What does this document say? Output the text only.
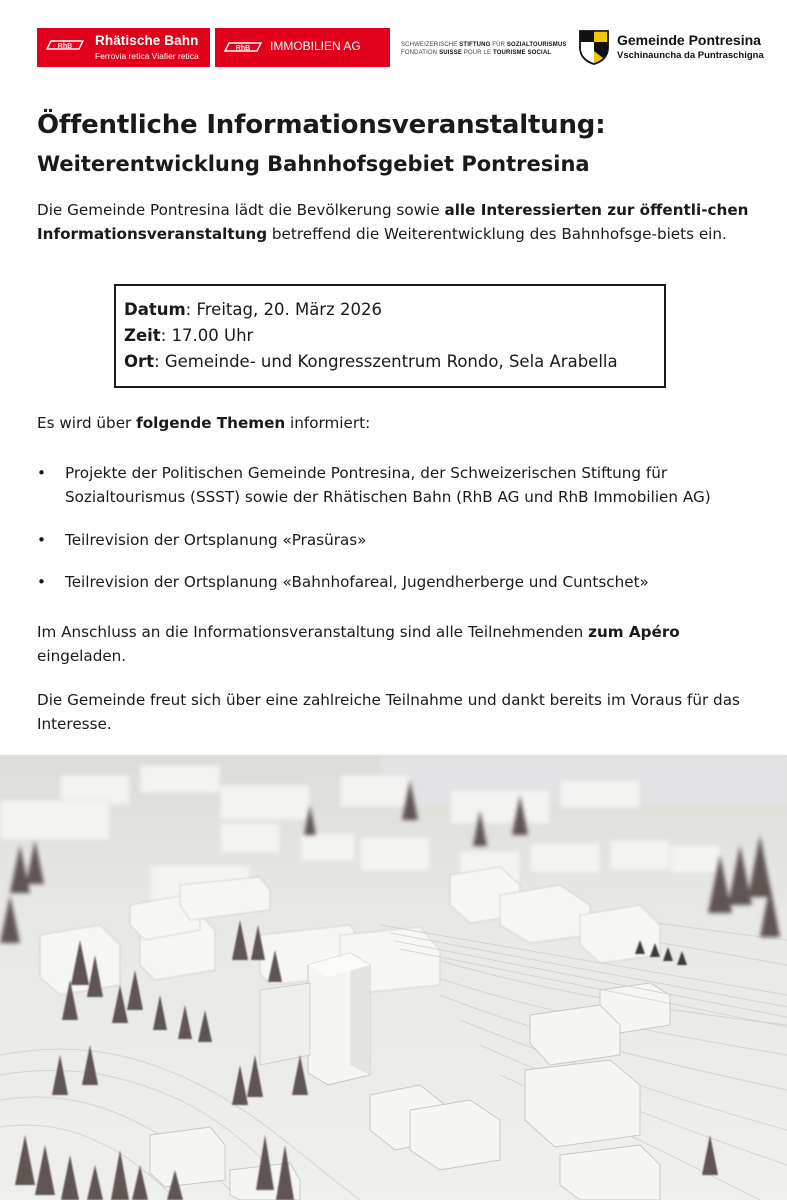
RhB Rhätische Bahn
Ferrovia retica Viafier retica
RhB IMMOBILIEN AG	SCHWEIZERISCHE STIFTUNG FÜR SOZIALTOURISMUS
FONDATION SUISSE POUR LE TOURISME SOCIAL
Gemeinde Pontresina
Vschinauncha da Puntraschigna
Öffentliche Informationsveranstaltung:
Weiterentwicklung Bahnhofsgebiet Pontresina

Die Gemeinde Pontresina lädt die Bevölkerung sowie alle Interessierten zur öffentli-chen Informationsveranstaltung betreffend die Weiterentwicklung des Bahnhofsge-biets ein.

Datum: Freitag, 20. März 2026
Zeit: 17.00 Uhr
Ort: Gemeinde- und Kongresszentrum Rondo, Sela Arabella

Es wird über folgende Themen informiert:

• Projekte der Politischen Gemeinde Pontresina, der Schweizerischen Stiftung für Sozialtourismus (SSST) sowie der Rhätischen Bahn (RhB AG und RhB Immobilien AG)
• Teilrevision der Ortsplanung «Prasüras»
• Teilrevision der Ortsplanung «Bahnhofareal, Jugendherberge und Cuntschet»

Im Anschluss an die Informationsveranstaltung sind alle Teilnehmenden zum Apéro eingeladen.

Die Gemeinde freut sich über eine zahlreiche Teilnahme und dankt bereits im Voraus für das Interesse.
